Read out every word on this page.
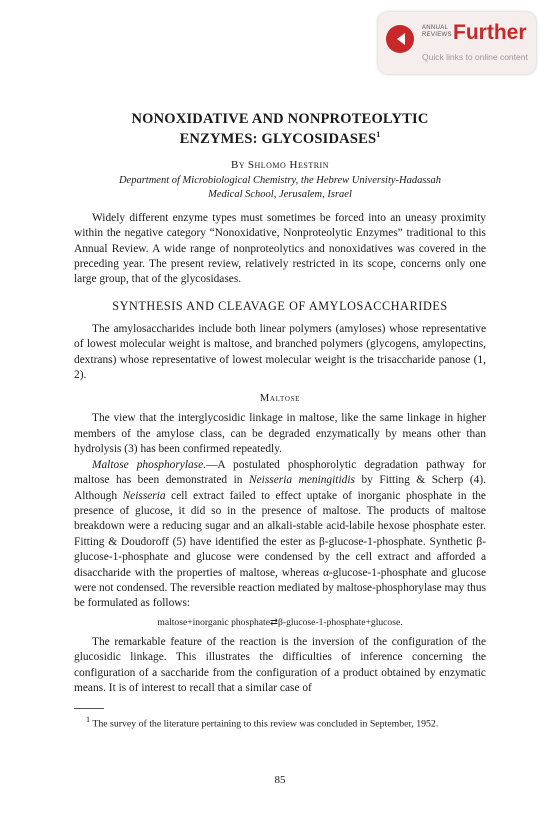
ANNUAL
REVIEWS Further
Quick links to online content
NONOXIDATIVE AND NONPROTEOLYTIC
ENZYMES: GLYCOSIDASES$^1$
By Shlomo Hestrin
Department of Microbiological Chemistry, the Hebrew University-Hadassah
Medical School, Jerusalem, Israel

Widely different enzyme types must sometimes be forced into an uneasy proximity within the negative category “Nonoxidative, Nonproteolytic Enzymes” traditional to this Annual Review. A wide range of nonproteolytics and nonoxidatives was covered in the preceding year. The present review, relatively restricted in its scope, concerns only one large group, that of the glycosidases.

SYNTHESIS AND CLEAVAGE OF AMYLOSACCHARIDES

The amylosaccharides include both linear polymers (amyloses) whose representative of lowest molecular weight is maltose, and branched polymers (glycogens, amylopectins, dextrans) whose representative of lowest molecular weight is the trisaccharide panose (1, 2).

Maltose

The view that the interglycosidic linkage in maltose, like the same linkage in higher members of the amylose class, can be degraded enzymatically by means other than hydrolysis (3) has been confirmed repeatedly.

Maltose phosphorylase.—A postulated phosphorolytic degradation pathway for maltose has been demonstrated in Neisseria meningitidis by Fitting & Scherp (4). Although Neisseria cell extract failed to effect uptake of inorganic phosphate in the presence of glucose, it did so in the presence of maltose. The products of maltose breakdown were a reducing sugar and an alkali-stable acid-labile hexose phosphate ester. Fitting & Doudoroff (5) have identified the ester as β-glucose-1-phosphate. Synthetic β-glucose-1-phosphate and glucose were condensed by the cell extract and afforded a disaccharide with the properties of maltose, whereas α-glucose-1-phosphate and glucose were not condensed. The reversible reaction mediated by maltose-phosphorylase may thus be formulated as follows:

maltose+inorganic phosphate⇄β-glucose-1-phosphate+glucose.

The remarkable feature of the reaction is the inversion of the configuration of the glucosidic linkage. This illustrates the difficulties of inference concerning the configuration of a saccharide from the configuration of a product obtained by enzymatic means. It is of interest to recall that a similar case of

$^1$ The survey of the literature pertaining to this review was concluded in September, 1952.

85
